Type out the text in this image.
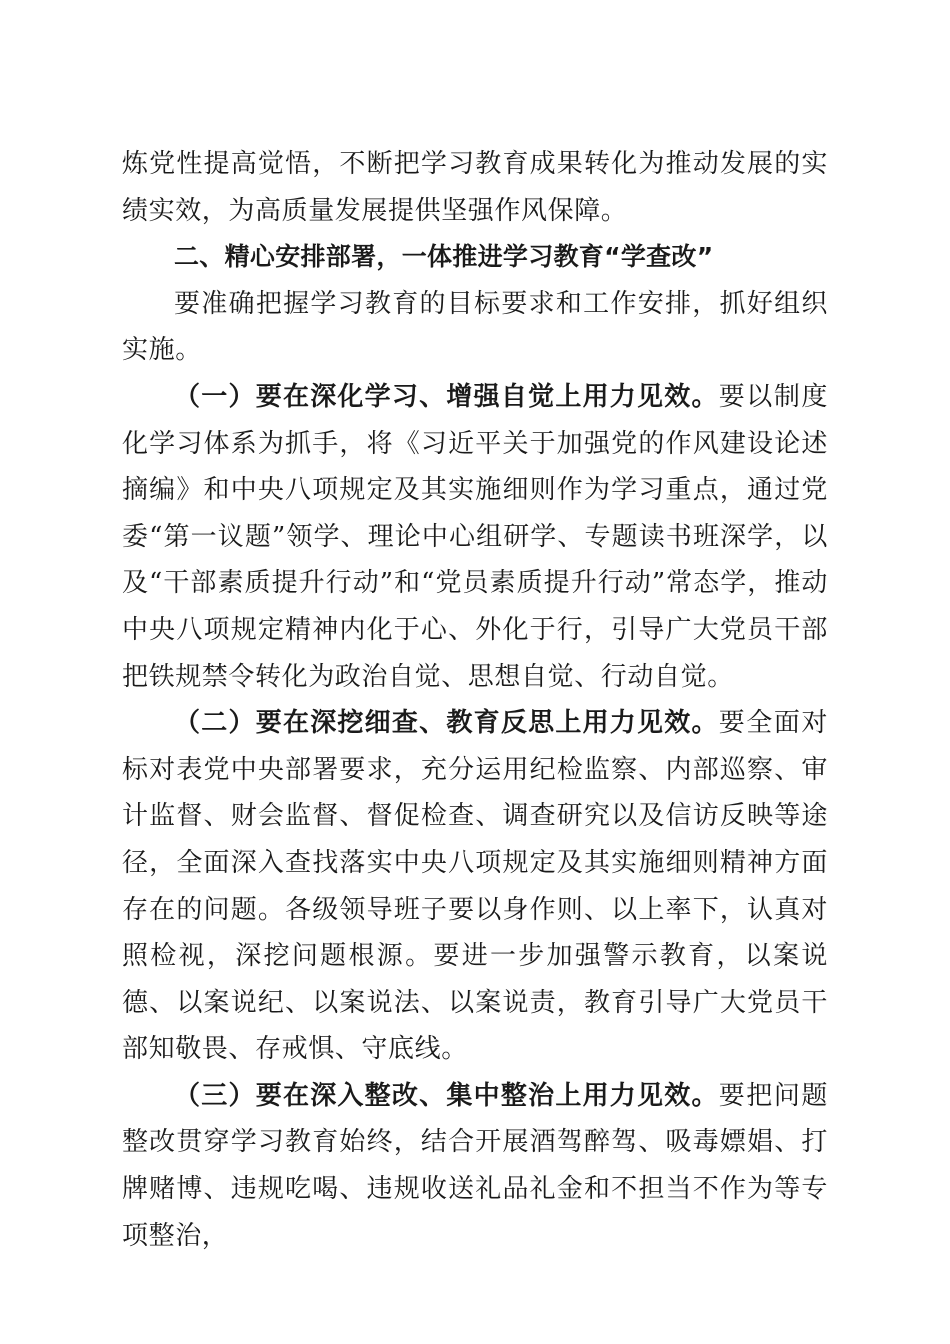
炼党性提高觉悟，不断把学习教育成果转化为推动发展的实绩实效，为高质量发展提供坚强作风保障。

二、精心安排部署，一体推进学习教育“学查改”

要准确把握学习教育的目标要求和工作安排，抓好组织实施。

（一）要在深化学习、增强自觉上用力见效。要以制度化学习体系为抓手，将《习近平关于加强党的作风建设论述摘编》和中央八项规定及其实施细则作为学习重点，通过党委“第一议题”领学、理论中心组研学、专题读书班深学，以及“干部素质提升行动”和“党员素质提升行动”常态学，推动中央八项规定精神内化于心、外化于行，引导广大党员干部把铁规禁令转化为政治自觉、思想自觉、行动自觉。

（二）要在深挖细查、教育反思上用力见效。要全面对标对表党中央部署要求，充分运用纪检监察、内部巡察、审计监督、财会监督、督促检查、调查研究以及信访反映等途径，全面深入查找落实中央八项规定及其实施细则精神方面存在的问题。各级领导班子要以身作则、以上率下，认真对照检视，深挖问题根源。要进一步加强警示教育，以案说德、以案说纪、以案说法、以案说责，教育引导广大党员干部知敬畏、存戒惧、守底线。

（三）要在深入整改、集中整治上用力见效。要把问题整改贯穿学习教育始终，结合开展酒驾醉驾、吸毒嫖娼、打牌赌博、违规吃喝、违规收送礼品礼金和不担当不作为等专项整治，
